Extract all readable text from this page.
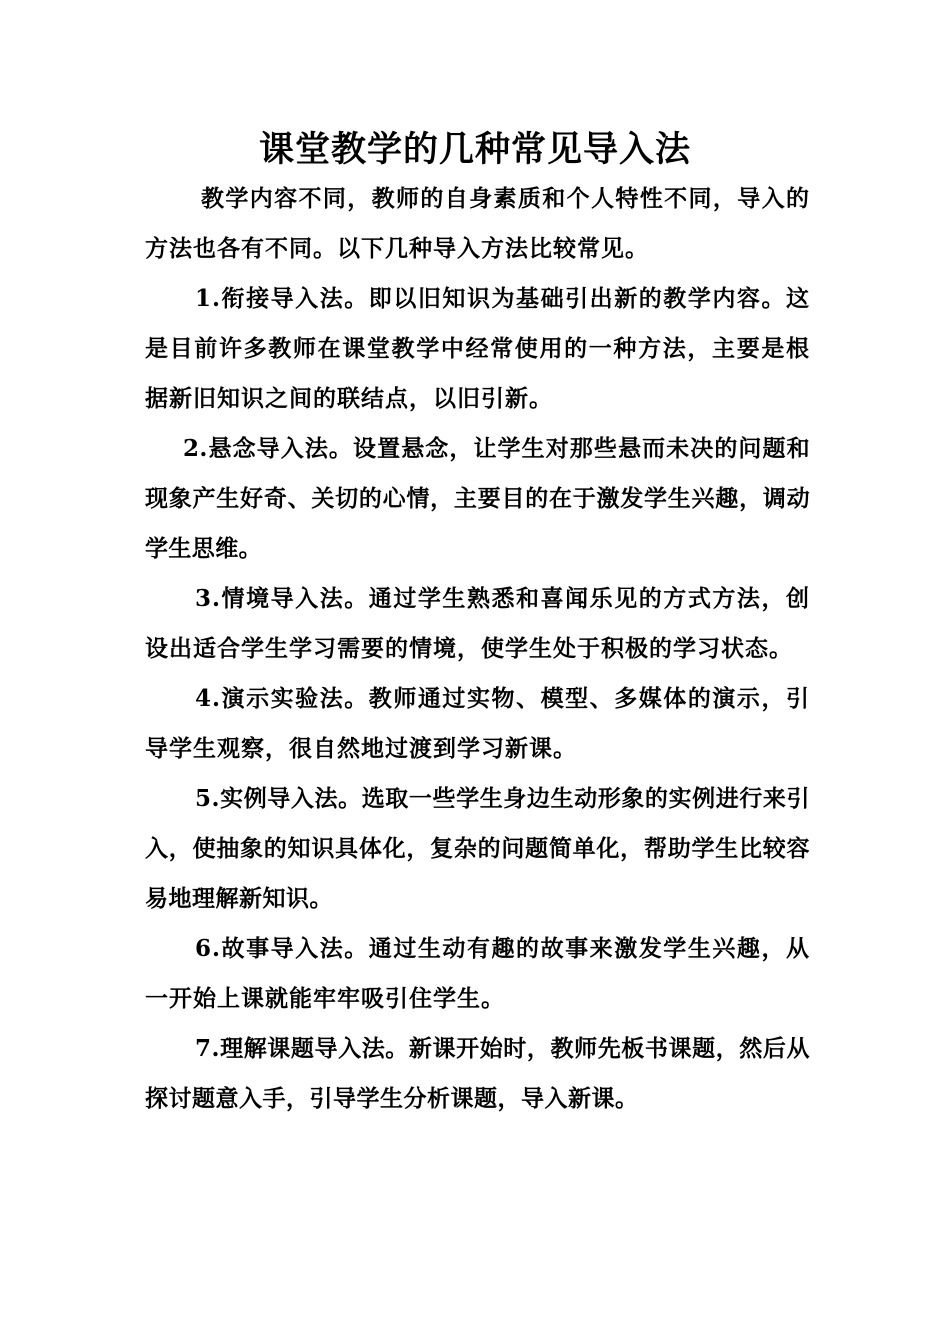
课堂教学的几种常见导入法

教学内容不同，教师的自身素质和个人特性不同，导入的方法也各有不同。以下几种导入方法比较常见。

1.衔接导入法。即以旧知识为基础引出新的教学内容。这是目前许多教师在课堂教学中经常使用的一种方法，主要是根据新旧知识之间的联结点，以旧引新。

2.悬念导入法。设置悬念，让学生对那些悬而未决的问题和现象产生好奇、关切的心情，主要目的在于激发学生兴趣，调动学生思维。

3.情境导入法。通过学生熟悉和喜闻乐见的方式方法，创设出适合学生学习需要的情境，使学生处于积极的学习状态。

4.演示实验法。教师通过实物、模型、多媒体的演示，引导学生观察，很自然地过渡到学习新课。

5.实例导入法。选取一些学生身边生动形象的实例进行来引入，使抽象的知识具体化，复杂的问题简单化，帮助学生比较容易地理解新知识。

6.故事导入法。通过生动有趣的故事来激发学生兴趣，从一开始上课就能牢牢吸引住学生。

7.理解课题导入法。新课开始时，教师先板书课题，然后从探讨题意入手，引导学生分析课题，导入新课。
